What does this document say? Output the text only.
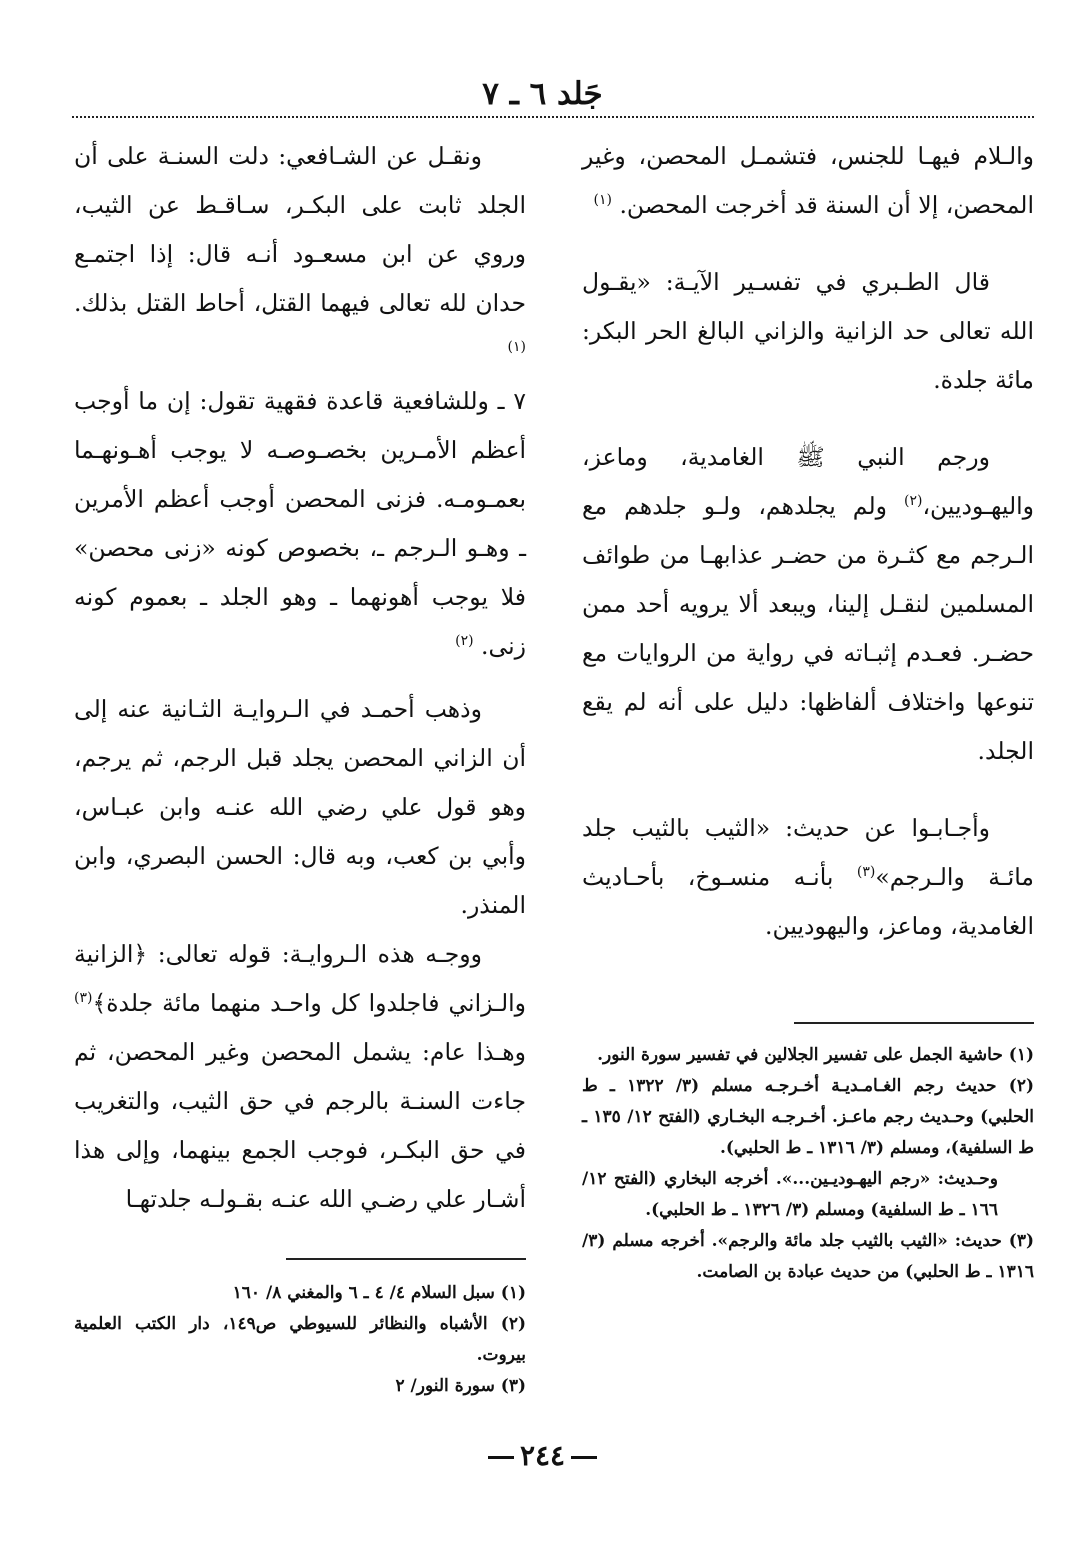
جَلد ٦ ـ ٧

والـلام فيهـا للجنس، فتشمـل المحصن، وغير المحصن، إلا أن السنة قد أخرجت المحصن. $^{(١)}$

قال الطـبري في تفسـير الآيـة: «يقـول الله تعالى حد الزانية والزاني البالغ الحر البكر: مائة جلدة.

ورجم النبي ﷺ الغامدية، وماعز، واليهـوديين،$^{(٢)}$ ولم يجلدهم، ولـو جلدهم مع الـرجم مع كثـرة من حضـر عذابهـا من طوائف المسلمين لنقـل إلينا، ويبعد ألا يرويه أحد ممن حضـر. فعـدم إثبـاته في رواية من الروايات مع تنوعها واختلاف ألفاظها: دليل على أنه لم يقع الجلد.

وأجـابـوا عن حديث: «الثيب بالثيب جلد مائـة والـرجم»$^{(٣)}$ بأنـه منسـوخ، بأحـاديث الغامدية، وماعز، واليهوديين.

(١) حاشية الجمل على تفسير الجلالين في تفسير سورة النور.

(٢) حديث رجم الغـامـديـة أخـرجـه مسلم (٣/ ١٣٢٢ ـ ط الحلبي) وحـديث رجم ماعـز. أخـرجـه البخـاري (الفتح ١٢/ ١٣٥ ـ ط السلفية)، ومسلم (٣/ ١٣١٦ ـ ط الحلبي).

وحـديث: «رجم اليهـوديـين...». أخرجه البخاري (الفتح ١٢/ ١٦٦ ـ ط السلفية) ومسلم (٣/ ١٣٢٦ ـ ط الحلبي).

(٣) حديث: «الثيب بالثيب جلد مائة والرجم». أخرجه مسلم (٣/ ١٣١٦ ـ ط الحلبي) من حديث عبادة بن الصامت.

ونقـل عن الشـافعي: دلت السنـة على أن الجلد ثابت على البكـر، سـاقـط عن الثيب، وروي عن ابن مسعـود أنـه قال: إذا اجتمـع حدان لله تعالى فيهما القتل، أحاط القتل بذلك. $^{(١)}$

٧ ـ وللشافعية قاعدة فقهية تقول: إن ما أوجب أعظم الأمـرين بخصـوصـه لا يوجب أهـونهـما بعمـومـه. فزنى المحصن أوجب أعظم الأمرين ـ وهـو الـرجم ـ، بخصوص كونه «زنى محصن» فلا يوجب أهونهما ـ وهو الجلد ـ بعموم كونه زنى. $^{(٢)}$

وذهب أحمـد في الـروايـة الثـانية عنه إلى أن الزاني المحصن يجلد قبل الرجم، ثم يرجم، وهو قول علي رضي الله عنـه وابن عبـاس، وأبي بن كعب، وبه قال: الحسن البصري، وابن المنذر.

ووجـه هذه الـروايـة: قوله تعالى: ﴿الزانية والـزاني فاجلدوا كل واحـد منهما مائة جلدة﴾$^{(٣)}$ وهـذا عام: يشمل المحصن وغير المحصن، ثم جاءت السنـة بالرجم في حق الثيب، والتغريب في حق البكـر، فوجب الجمع بينهما، وإلى هذا أشـار علي رضـي الله عنـه بقـولـه جلدتهـا

(١) سبل السلام ٤/ ٤ ـ ٦ والمغني ٨/ ١٦٠

(٢) الأشباه والنظائر للسيوطي ص١٤٩، دار الكتب العلمية بيروت.

(٣) سورة النور/ ٢

٢٤٤
